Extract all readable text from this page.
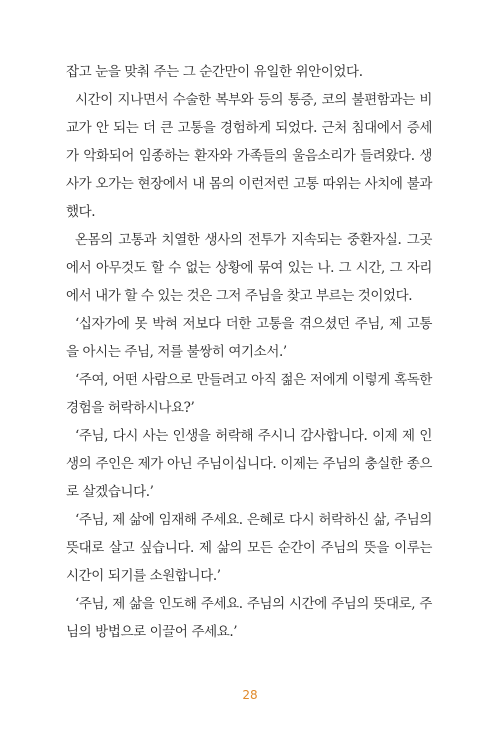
잡고 눈을 맞춰 주는 그 순간만이 유일한 위안이었다.

시간이 지나면서 수술한 복부와 등의 통증, 코의 불편함과는 비교가 안 되는 더 큰 고통을 경험하게 되었다. 근처 침대에서 증세가 악화되어 임종하는 환자와 가족들의 울음소리가 들려왔다. 생사가 오가는 현장에서 내 몸의 이런저런 고통 따위는 사치에 불과했다.

온몸의 고통과 치열한 생사의 전투가 지속되는 중환자실. 그곳에서 아무것도 할 수 없는 상황에 묶여 있는 나. 그 시간, 그 자리에서 내가 할 수 있는 것은 그저 주님을 찾고 부르는 것이었다.

‘십자가에 못 박혀 저보다 더한 고통을 겪으셨던 주님, 제 고통을 아시는 주님, 저를 불쌍히 여기소서.’

‘주여, 어떤 사람으로 만들려고 아직 젊은 저에게 이렇게 혹독한 경험을 허락하시나요?’

‘주님, 다시 사는 인생을 허락해 주시니 감사합니다. 이제 제 인생의 주인은 제가 아닌 주님이십니다. 이제는 주님의 충실한 종으로 살겠습니다.’

‘주님, 제 삶에 임재해 주세요. 은혜로 다시 허락하신 삶, 주님의 뜻대로 살고 싶습니다. 제 삶의 모든 순간이 주님의 뜻을 이루는 시간이 되기를 소원합니다.’

‘주님, 제 삶을 인도해 주세요. 주님의 시간에 주님의 뜻대로, 주님의 방법으로 이끌어 주세요.’

28
